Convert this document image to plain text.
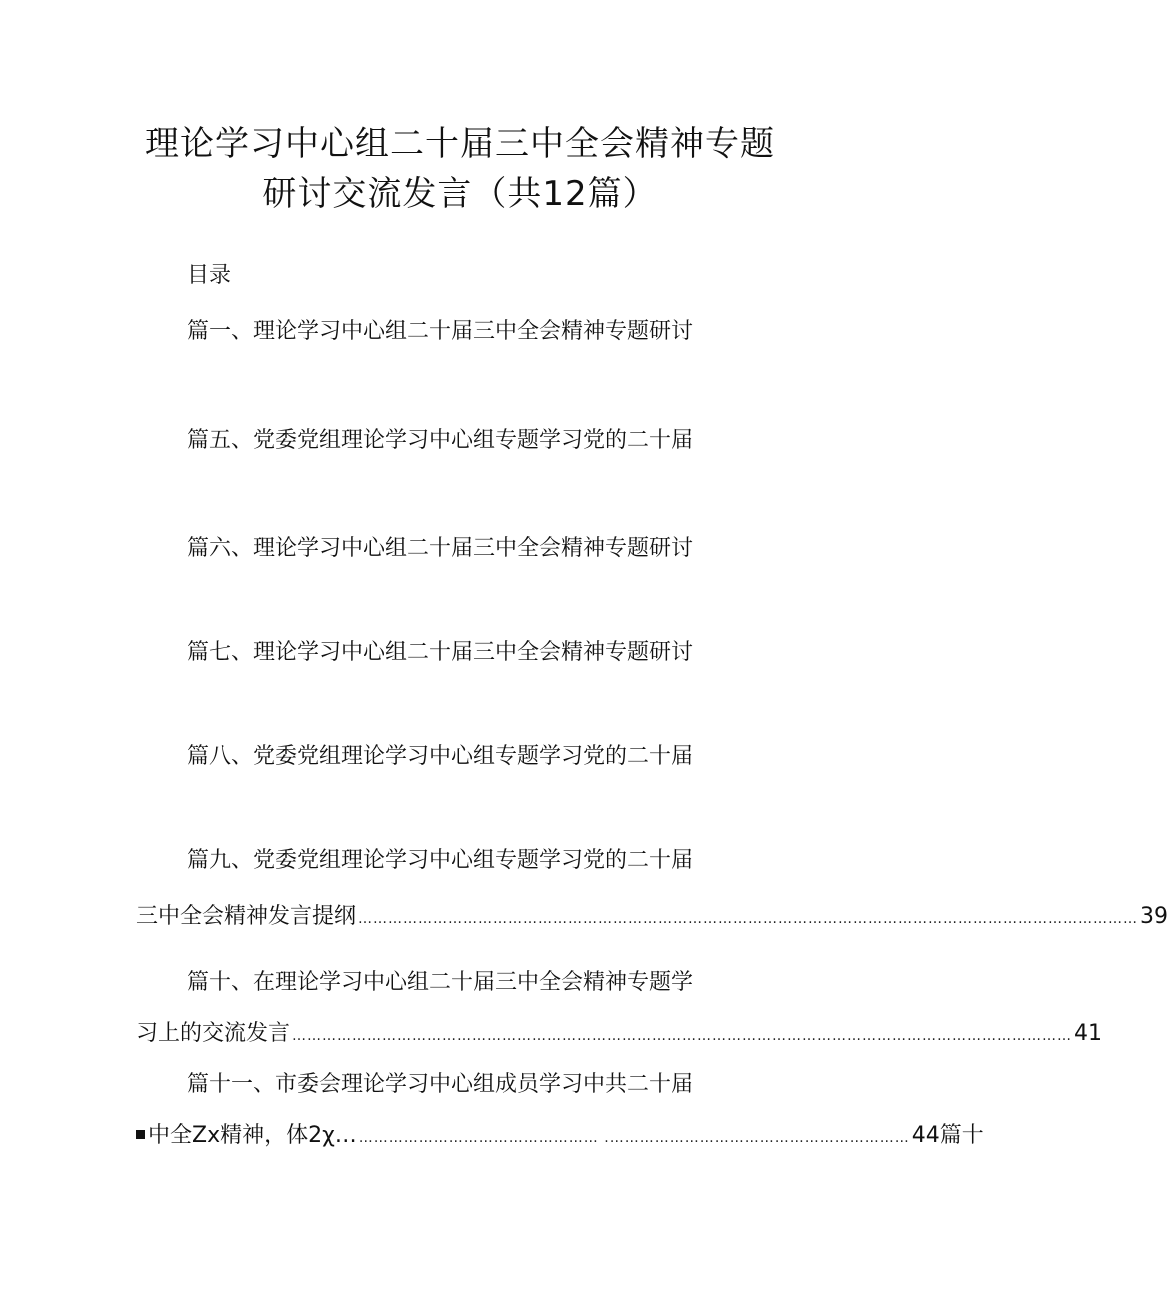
理论学习中心组二十届三中全会精神专题
研讨交流发言（共12篇）
目录
篇一、理论学习中心组二十届三中全会精神专题研讨
篇五、党委党组理论学习中心组专题学习党的二十届
篇六、理论学习中心组二十届三中全会精神专题研讨
篇七、理论学习中心组二十届三中全会精神专题研讨
篇八、党委党组理论学习中心组专题学习党的二十届
篇九、党委党组理论学习中心组专题学习党的二十届
三中全会精神发言提纲 ………………………………………………………………………………………………………………………………………… 39
篇十、在理论学习中心组二十届三中全会精神专题学
习上的交流发言 ………………………………………………………………………………………………………………………………………… 41
篇十一、市委会理论学习中心组成员学习中共二十届
中全Zx精神，体2χ… ………………………………………… .…………………………………………………… 44篇十
